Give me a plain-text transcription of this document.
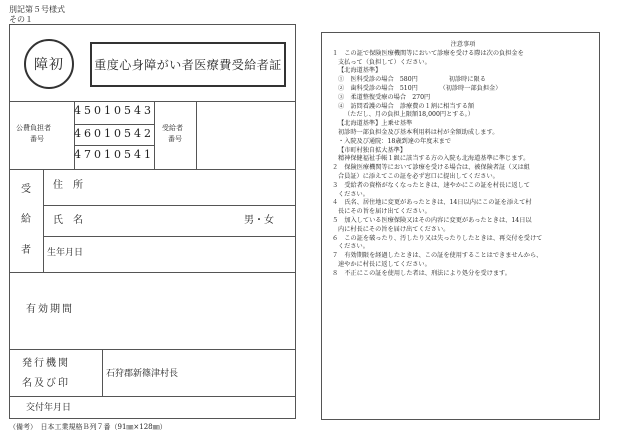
別記第５号様式
その１
障初	重度心身障がい者医療費受給者証
公費負担者
番号
45010543
46010542
47010541
受給者
番号
受
給
者
住　所
氏　名	男・女
生年月日
有効期間
発行機関
名及び印
石狩郡新篠津村長
交付年月日
（備考）　日本工業規格Ｂ列７番（91㎜×128㎜）
注意事項
１　この証で保険医療機関等において診療を受ける際は次の負担金を
支払って（負担して）ください。
【北海道基準】
①　医科受診の場合　580円　　　　　初診時に限る
②　歯科受診の場合　510円　　　　（初診時一部負担金）
③　柔道整復受療の場合　270円
④　訪問看護の場合　診療費の１割に相当する額
（ただし、月の負担上限額18,000円とする。）
【北海道基準】上乗せ基準
初診時一部負担金及び基本利用料は村が全額助成します。
・入院及び通院：18歳到達の年度末まで
【市町村独自拡大基準】
精神保健福祉手帳１級に該当する方の入院も北海道基準に準じます。
２　保険医療機関等において診療を受ける場合は、被保険者証（又は組
合員証）に添えてこの証を必ず窓口に提出してください。
３　受給者の資格がなくなったときは、速やかにこの証を村長に返して
ください。
４　氏名、居住地に変更があったときは、14日以内にこの証を添えて村
長にその旨を届け出てください。
５　加入している医療保険又はその内容に変更があったときは、14日以
内に村長にその旨を届け出てください。
６　この証を破ったり、汚したり又は失ったりしたときは、再交付を受けて
ください。
７　有効期限を経過したときは、この証を使用することはできませんから、
速やかに村長に返してください。
８　不正にこの証を使用した者は、刑法により処分を受けます。
